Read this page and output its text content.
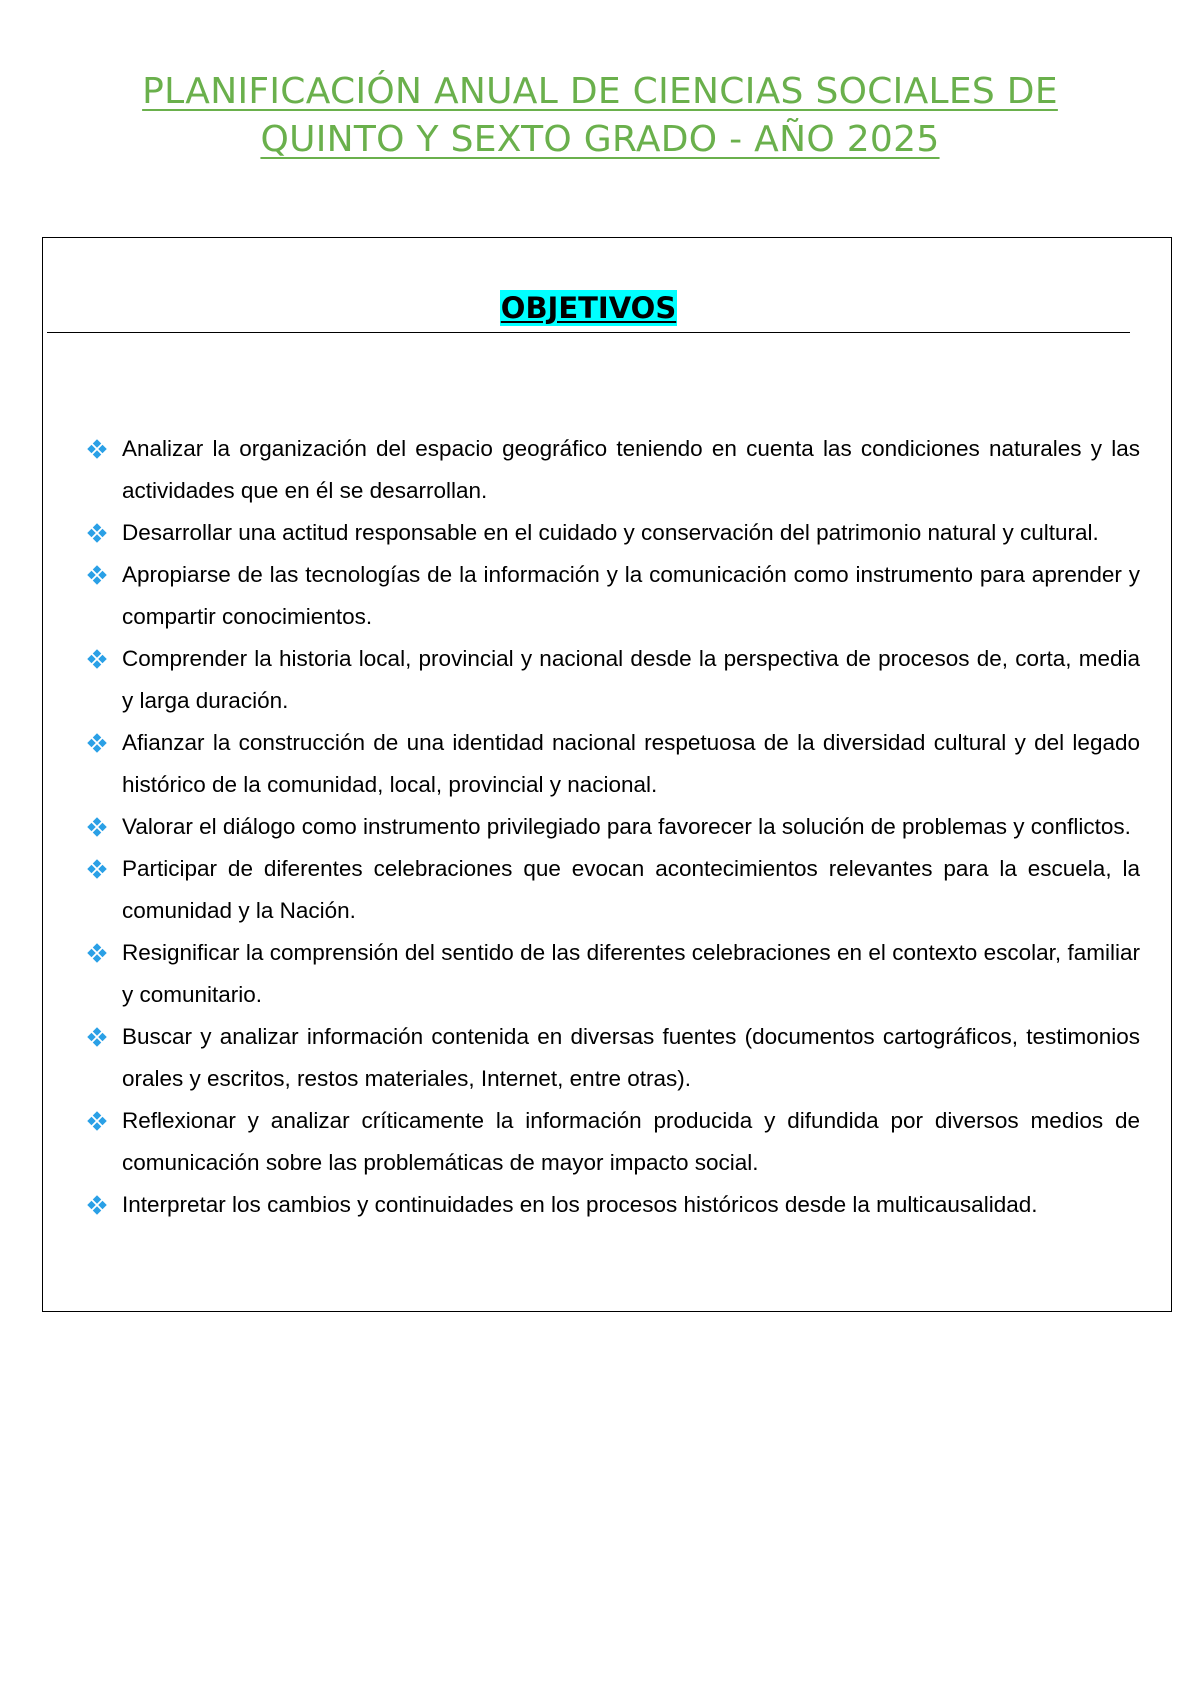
PLANIFICACIÓN ANUAL DE CIENCIAS SOCIALES DE
QUINTO Y SEXTO GRADO - AÑO 2025
OBJETIVOS
Analizar la organización del espacio geográfico teniendo en cuenta las condiciones naturales y las actividades que en él se desarrollan.
Desarrollar una actitud responsable en el cuidado y conservación del patrimonio natural y cultural.
Apropiarse de las tecnologías de la información y la comunicación como instrumento para aprender y compartir conocimientos.
Comprender la historia local, provincial y nacional desde la perspectiva de procesos de, corta, media y larga duración.
Afianzar la construcción de una identidad nacional respetuosa de la diversidad cultural y del legado histórico de la comunidad, local, provincial y nacional.
Valorar el diálogo como instrumento privilegiado para favorecer la solución de problemas y conflictos.
Participar de diferentes celebraciones que evocan acontecimientos relevantes para la escuela, la comunidad y la Nación.
Resignificar la comprensión del sentido de las diferentes celebraciones en el contexto escolar, familiar y comunitario.
Buscar y analizar información contenida en diversas fuentes (documentos cartográficos, testimonios orales y escritos, restos materiales, Internet, entre otras).
Reflexionar y analizar críticamente la información producida y difundida por diversos medios de comunicación sobre las problemáticas de mayor impacto social.
Interpretar los cambios y continuidades en los procesos históricos desde la multicausalidad.
